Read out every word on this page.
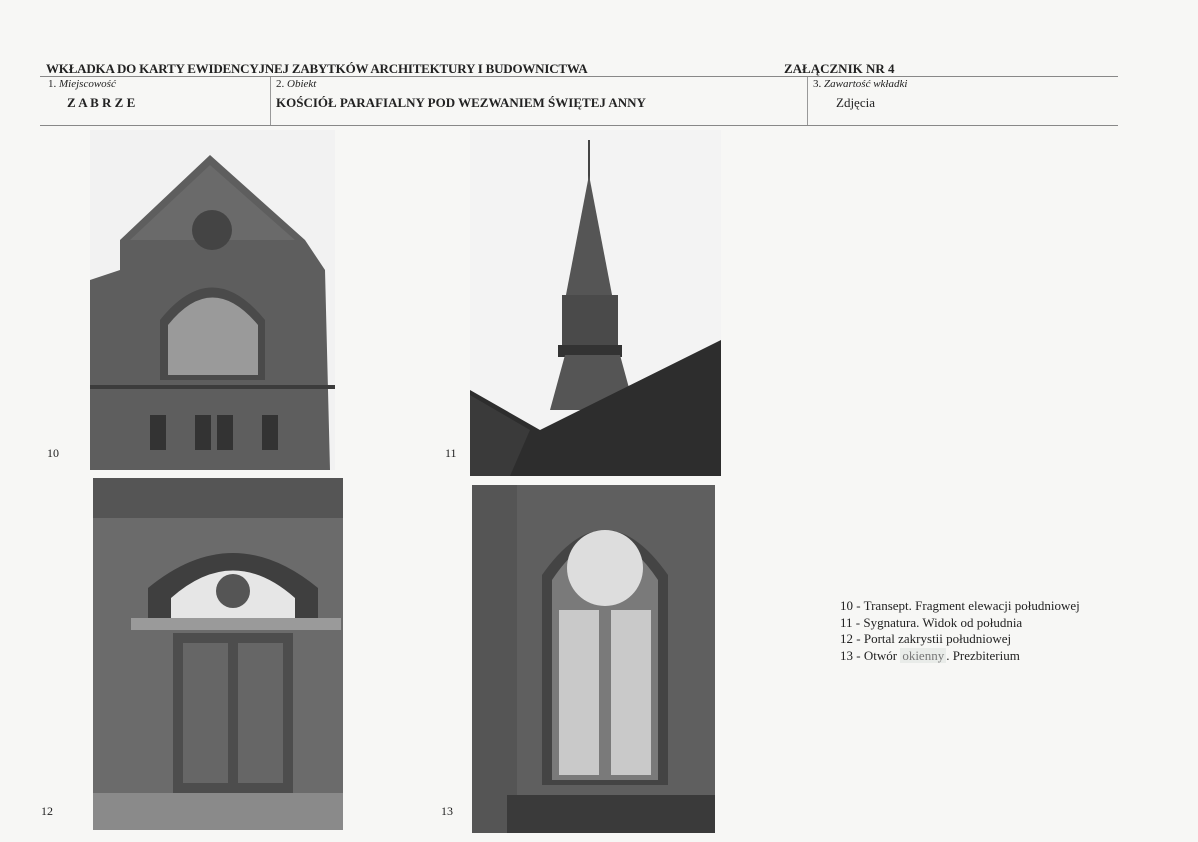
WKŁADKA DO KARTY EWIDENCYJNEJ ZABYTKÓW ARCHITEKTURY I BUDOWNICTWA	ZAŁĄCZNIK NR 4
1. Miejscowość
Z A B R Z E
2. Obiekt
KOŚCIÓŁ PARAFIALNY POD WEZWANIEM ŚWIĘTEJ ANNY
3. Zawartość wkładki
Zdjęcia
10	11
12	13
10 - Transept. Fragment elewacji południowej
11 - Sygnatura. Widok od południa
12 - Portal zakrystii południowej
13 - Otwór okienny . Prezbiterium
